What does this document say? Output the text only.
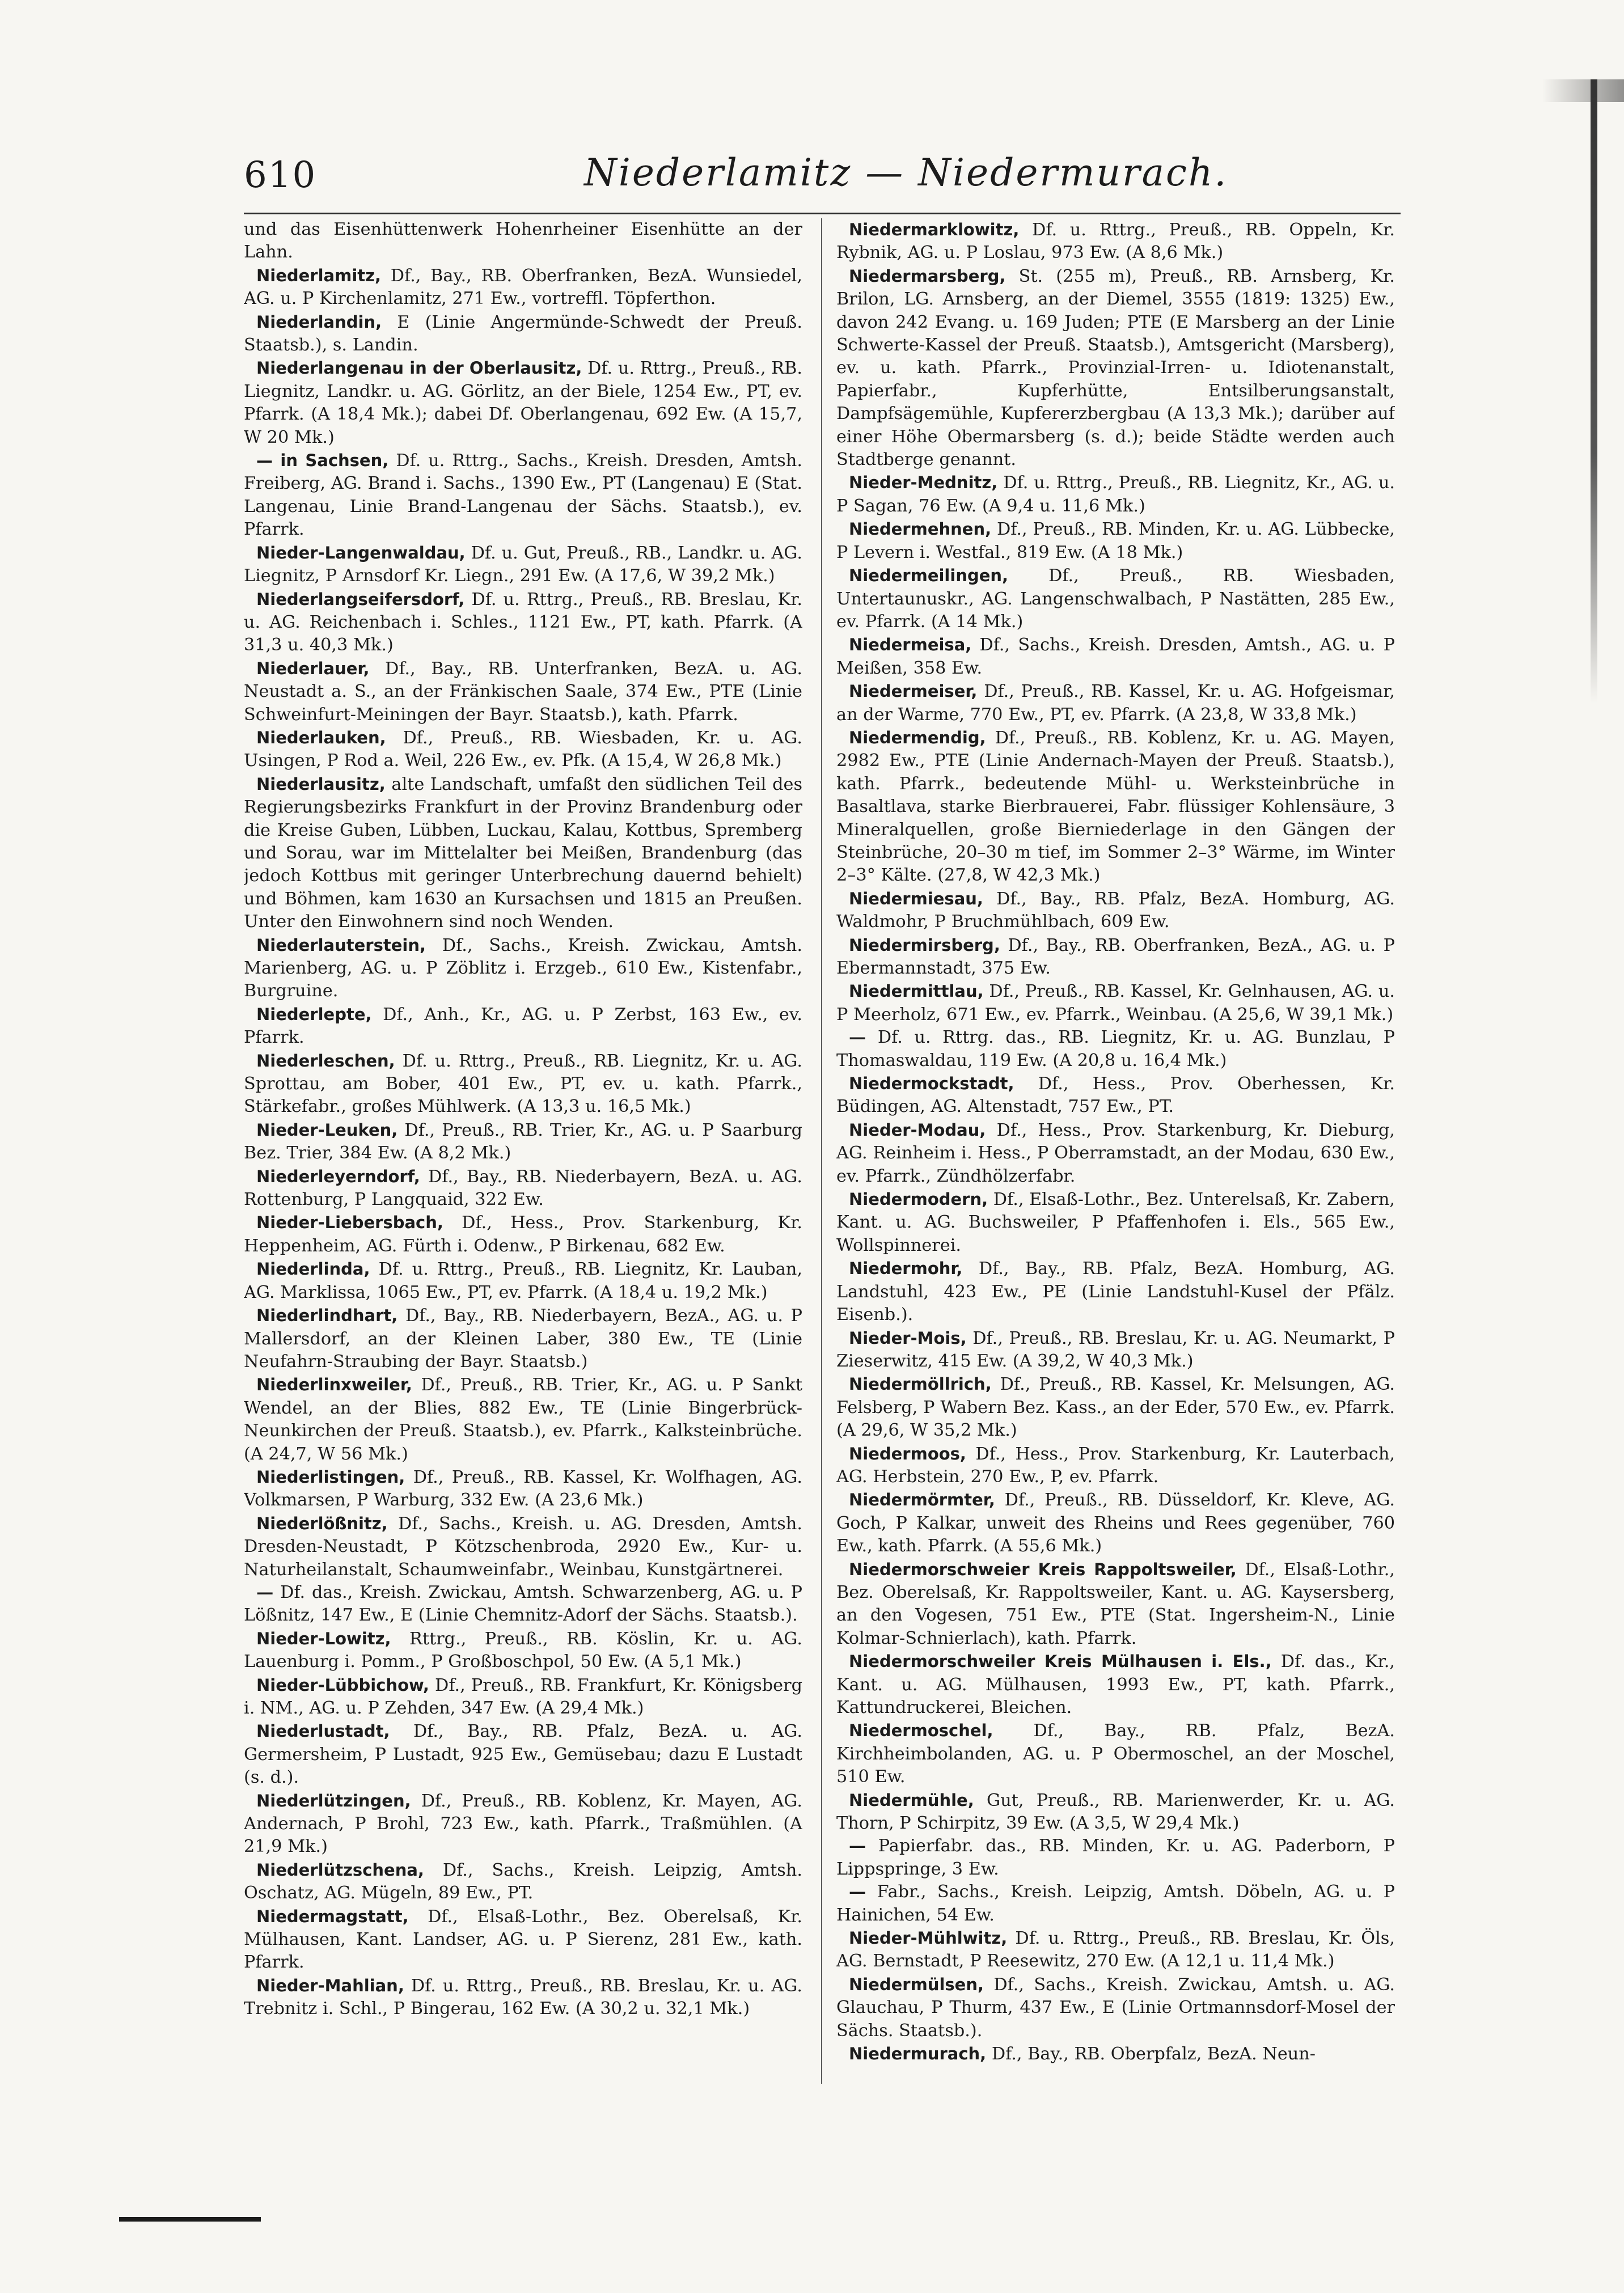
610	Niederlamitz — Niedermurach.

und das Eisenhüttenwerk Hohenrheiner Eisenhütte an der Lahn.

Niederlamitz, Df., Bay., RB. Oberfranken, BezA. Wunsiedel, AG. u. P Kirchenlamitz, 271 Ew., vortreffl. Töpferthon.

Niederlandin, E (Linie Angermünde-Schwedt der Preuß. Staatsb.), s. Landin.

Niederlangenau in der Oberlausitz, Df. u. Rttrg., Preuß., RB. Liegnitz, Landkr. u. AG. Görlitz, an der Biele, 1254 Ew., PT, ev. Pfarrk. (A 18,4 Mk.); dabei Df. Oberlangenau, 692 Ew. (A 15,7, W 20 Mk.)

— in Sachsen, Df. u. Rttrg., Sachs., Kreish. Dresden, Amtsh. Freiberg, AG. Brand i. Sachs., 1390 Ew., PT (Langenau) E (Stat. Langenau, Linie Brand-Langenau der Sächs. Staatsb.), ev. Pfarrk.

Nieder-Langenwaldau, Df. u. Gut, Preuß., RB., Landkr. u. AG. Liegnitz, P Arnsdorf Kr. Liegn., 291 Ew. (A 17,6, W 39,2 Mk.)

Niederlangseifersdorf, Df. u. Rttrg., Preuß., RB. Breslau, Kr. u. AG. Reichenbach i. Schles., 1121 Ew., PT, kath. Pfarrk. (A 31,3 u. 40,3 Mk.)

Niederlauer, Df., Bay., RB. Unterfranken, BezA. u. AG. Neustadt a. S., an der Fränkischen Saale, 374 Ew., PTE (Linie Schweinfurt-Meiningen der Bayr. Staatsb.), kath. Pfarrk.

Niederlauken, Df., Preuß., RB. Wiesbaden, Kr. u. AG. Usingen, P Rod a. Weil, 226 Ew., ev. Pfk. (A 15,4, W 26,8 Mk.)

Niederlausitz, alte Landschaft, umfaßt den südlichen Teil des Regierungsbezirks Frankfurt in der Provinz Brandenburg oder die Kreise Guben, Lübben, Luckau, Kalau, Kottbus, Spremberg und Sorau, war im Mittelalter bei Meißen, Brandenburg (das jedoch Kottbus mit geringer Unterbrechung dauernd behielt) und Böhmen, kam 1630 an Kursachsen und 1815 an Preußen. Unter den Einwohnern sind noch Wenden.

Niederlauterstein, Df., Sachs., Kreish. Zwickau, Amtsh. Marienberg, AG. u. P Zöblitz i. Erzgeb., 610 Ew., Kistenfabr., Burgruine.

Niederlepte, Df., Anh., Kr., AG. u. P Zerbst, 163 Ew., ev. Pfarrk.

Niederleschen, Df. u. Rttrg., Preuß., RB. Liegnitz, Kr. u. AG. Sprottau, am Bober, 401 Ew., PT, ev. u. kath. Pfarrk., Stärkefabr., großes Mühlwerk. (A 13,3 u. 16,5 Mk.)

Nieder-Leuken, Df., Preuß., RB. Trier, Kr., AG. u. P Saarburg Bez. Trier, 384 Ew. (A 8,2 Mk.)

Niederleyerndorf, Df., Bay., RB. Niederbayern, BezA. u. AG. Rottenburg, P Langquaid, 322 Ew.

Nieder-Liebersbach, Df., Hess., Prov. Starkenburg, Kr. Heppenheim, AG. Fürth i. Odenw., P Birkenau, 682 Ew.

Niederlinda, Df. u. Rttrg., Preuß., RB. Liegnitz, Kr. Lauban, AG. Marklissa, 1065 Ew., PT, ev. Pfarrk. (A 18,4 u. 19,2 Mk.)

Niederlindhart, Df., Bay., RB. Niederbayern, BezA., AG. u. P Mallersdorf, an der Kleinen Laber, 380 Ew., TE (Linie Neufahrn-Straubing der Bayr. Staatsb.)

Niederlinxweiler, Df., Preuß., RB. Trier, Kr., AG. u. P Sankt Wendel, an der Blies, 882 Ew., TE (Linie Bingerbrück-Neunkirchen der Preuß. Staatsb.), ev. Pfarrk., Kalksteinbrüche. (A 24,7, W 56 Mk.)

Niederlistingen, Df., Preuß., RB. Kassel, Kr. Wolfhagen, AG. Volkmarsen, P Warburg, 332 Ew. (A 23,6 Mk.)

Niederlößnitz, Df., Sachs., Kreish. u. AG. Dresden, Amtsh. Dresden-Neustadt, P Kötzschenbroda, 2920 Ew., Kur- u. Naturheilanstalt, Schaumweinfabr., Weinbau, Kunstgärtnerei.

— Df. das., Kreish. Zwickau, Amtsh. Schwarzenberg, AG. u. P Lößnitz, 147 Ew., E (Linie Chemnitz-Adorf der Sächs. Staatsb.).

Nieder-Lowitz, Rttrg., Preuß., RB. Köslin, Kr. u. AG. Lauenburg i. Pomm., P Großboschpol, 50 Ew. (A 5,1 Mk.)

Nieder-Lübbichow, Df., Preuß., RB. Frankfurt, Kr. Königsberg i. NM., AG. u. P Zehden, 347 Ew. (A 29,4 Mk.)

Niederlustadt, Df., Bay., RB. Pfalz, BezA. u. AG. Germersheim, P Lustadt, 925 Ew., Gemüsebau; dazu E Lustadt (s. d.).

Niederlützingen, Df., Preuß., RB. Koblenz, Kr. Mayen, AG. Andernach, P Brohl, 723 Ew., kath. Pfarrk., Traßmühlen. (A 21,9 Mk.)

Niederlützschena, Df., Sachs., Kreish. Leipzig, Amtsh. Oschatz, AG. Mügeln, 89 Ew., PT.

Niedermagstatt, Df., Elsaß-Lothr., Bez. Oberelsaß, Kr. Mülhausen, Kant. Landser, AG. u. P Sierenz, 281 Ew., kath. Pfarrk.

Nieder-Mahlian, Df. u. Rttrg., Preuß., RB. Breslau, Kr. u. AG. Trebnitz i. Schl., P Bingerau, 162 Ew. (A 30,2 u. 32,1 Mk.)

Niedermarklowitz, Df. u. Rttrg., Preuß., RB. Oppeln, Kr. Rybnik, AG. u. P Loslau, 973 Ew. (A 8,6 Mk.)

Niedermarsberg, St. (255 m), Preuß., RB. Arnsberg, Kr. Brilon, LG. Arnsberg, an der Diemel, 3555 (1819: 1325) Ew., davon 242 Evang. u. 169 Juden; PTE (E Marsberg an der Linie Schwerte-Kassel der Preuß. Staatsb.), Amtsgericht (Marsberg), ev. u. kath. Pfarrk., Provinzial-Irren- u. Idiotenanstalt, Papierfabr., Kupferhütte, Entsilberungsanstalt, Dampfsägemühle, Kupfererzbergbau (A 13,3 Mk.); darüber auf einer Höhe Obermarsberg (s. d.); beide Städte werden auch Stadtberge genannt.

Nieder-Mednitz, Df. u. Rttrg., Preuß., RB. Liegnitz, Kr., AG. u. P Sagan, 76 Ew. (A 9,4 u. 11,6 Mk.)

Niedermehnen, Df., Preuß., RB. Minden, Kr. u. AG. Lübbecke, P Levern i. Westfal., 819 Ew. (A 18 Mk.)

Niedermeilingen, Df., Preuß., RB. Wiesbaden, Untertaunuskr., AG. Langenschwalbach, P Nastätten, 285 Ew., ev. Pfarrk. (A 14 Mk.)

Niedermeisa, Df., Sachs., Kreish. Dresden, Amtsh., AG. u. P Meißen, 358 Ew.

Niedermeiser, Df., Preuß., RB. Kassel, Kr. u. AG. Hofgeismar, an der Warme, 770 Ew., PT, ev. Pfarrk. (A 23,8, W 33,8 Mk.)

Niedermendig, Df., Preuß., RB. Koblenz, Kr. u. AG. Mayen, 2982 Ew., PTE (Linie Andernach-Mayen der Preuß. Staatsb.), kath. Pfarrk., bedeutende Mühl- u. Werksteinbrüche in Basaltlava, starke Bierbrauerei, Fabr. flüssiger Kohlensäure, 3 Mineralquellen, große Bierniederlage in den Gängen der Steinbrüche, 20–30 m tief, im Sommer 2–3° Wärme, im Winter 2–3° Kälte. (27,8, W 42,3 Mk.)

Niedermiesau, Df., Bay., RB. Pfalz, BezA. Homburg, AG. Waldmohr, P Bruchmühlbach, 609 Ew.

Niedermirsberg, Df., Bay., RB. Oberfranken, BezA., AG. u. P Ebermannstadt, 375 Ew.

Niedermittlau, Df., Preuß., RB. Kassel, Kr. Gelnhausen, AG. u. P Meerholz, 671 Ew., ev. Pfarrk., Weinbau. (A 25,6, W 39,1 Mk.)

— Df. u. Rttrg. das., RB. Liegnitz, Kr. u. AG. Bunzlau, P Thomaswaldau, 119 Ew. (A 20,8 u. 16,4 Mk.)

Niedermockstadt, Df., Hess., Prov. Oberhessen, Kr. Büdingen, AG. Altenstadt, 757 Ew., PT.

Nieder-Modau, Df., Hess., Prov. Starkenburg, Kr. Dieburg, AG. Reinheim i. Hess., P Oberramstadt, an der Modau, 630 Ew., ev. Pfarrk., Zündhölzerfabr.

Niedermodern, Df., Elsaß-Lothr., Bez. Unterelsaß, Kr. Zabern, Kant. u. AG. Buchsweiler, P Pfaffenhofen i. Els., 565 Ew., Wollspinnerei.

Niedermohr, Df., Bay., RB. Pfalz, BezA. Homburg, AG. Landstuhl, 423 Ew., PE (Linie Landstuhl-Kusel der Pfälz. Eisenb.).

Nieder-Mois, Df., Preuß., RB. Breslau, Kr. u. AG. Neumarkt, P Zieserwitz, 415 Ew. (A 39,2, W 40,3 Mk.)

Niedermöllrich, Df., Preuß., RB. Kassel, Kr. Melsungen, AG. Felsberg, P Wabern Bez. Kass., an der Eder, 570 Ew., ev. Pfarrk. (A 29,6, W 35,2 Mk.)

Niedermoos, Df., Hess., Prov. Starkenburg, Kr. Lauterbach, AG. Herbstein, 270 Ew., P, ev. Pfarrk.

Niedermörmter, Df., Preuß., RB. Düsseldorf, Kr. Kleve, AG. Goch, P Kalkar, unweit des Rheins und Rees gegenüber, 760 Ew., kath. Pfarrk. (A 55,6 Mk.)

Niedermorschweier Kreis Rappoltsweiler, Df., Elsaß-Lothr., Bez. Oberelsaß, Kr. Rappoltsweiler, Kant. u. AG. Kaysersberg, an den Vogesen, 751 Ew., PTE (Stat. Ingersheim-N., Linie Kolmar-Schnierlach), kath. Pfarrk.

Niedermorschweiler Kreis Mülhausen i. Els., Df. das., Kr., Kant. u. AG. Mülhausen, 1993 Ew., PT, kath. Pfarrk., Kattundruckerei, Bleichen.

Niedermoschel, Df., Bay., RB. Pfalz, BezA. Kirchheimbolanden, AG. u. P Obermoschel, an der Moschel, 510 Ew.

Niedermühle, Gut, Preuß., RB. Marienwerder, Kr. u. AG. Thorn, P Schirpitz, 39 Ew. (A 3,5, W 29,4 Mk.)

— Papierfabr. das., RB. Minden, Kr. u. AG. Paderborn, P Lippspringe, 3 Ew.

— Fabr., Sachs., Kreish. Leipzig, Amtsh. Döbeln, AG. u. P Hainichen, 54 Ew.

Nieder-Mühlwitz, Df. u. Rttrg., Preuß., RB. Breslau, Kr. Öls, AG. Bernstadt, P Reesewitz, 270 Ew. (A 12,1 u. 11,4 Mk.)

Niedermülsen, Df., Sachs., Kreish. Zwickau, Amtsh. u. AG. Glauchau, P Thurm, 437 Ew., E (Linie Ortmannsdorf-Mosel der Sächs. Staatsb.).

Niedermurach, Df., Bay., RB. Oberpfalz, BezA. Neun-
